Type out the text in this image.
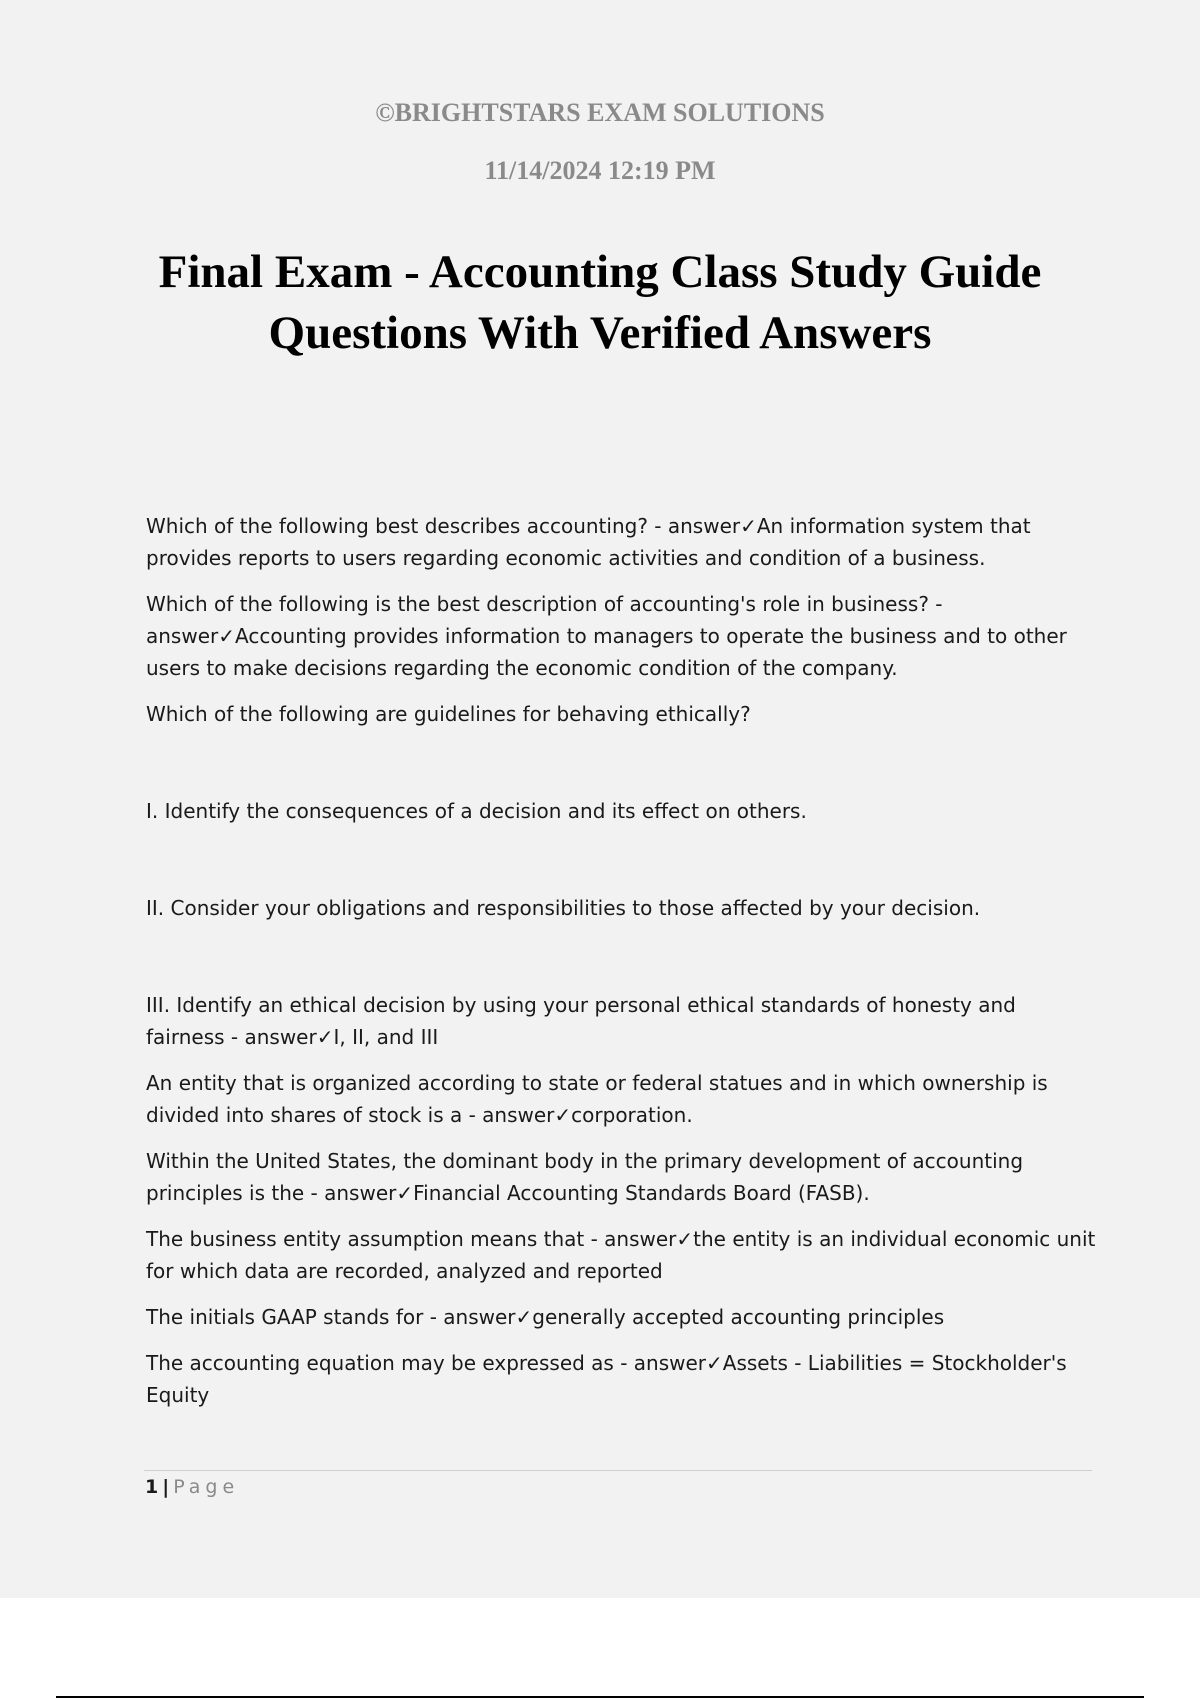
©BRIGHTSTARS EXAM SOLUTIONS

11/14/2024 12:19 PM

Final Exam - Accounting Class Study Guide
Questions With Verified Answers

Which of the following best describes accounting? - answer✓An information system that provides reports to users regarding economic activities and condition of a business.

Which of the following is the best description of accounting's role in business? - answer✓Accounting provides information to managers to operate the business and to other users to make decisions regarding the economic condition of the company.

Which of the following are guidelines for behaving ethically?

I. Identify the consequences of a decision and its effect on others.

II. Consider your obligations and responsibilities to those affected by your decision.

III. Identify an ethical decision by using your personal ethical standards of honesty and fairness - answer✓I, II, and III

An entity that is organized according to state or federal statues and in which ownership is divided into shares of stock is a - answer✓corporation.

Within the United States, the dominant body in the primary development of accounting principles is the - answer✓Financial Accounting Standards Board (FASB).

The business entity assumption means that - answer✓the entity is an individual economic unit for which data are recorded, analyzed and reported

The initials GAAP stands for - answer✓generally accepted accounting principles

The accounting equation may be expressed as - answer✓Assets - Liabilities = Stockholder's Equity

1 | Page
